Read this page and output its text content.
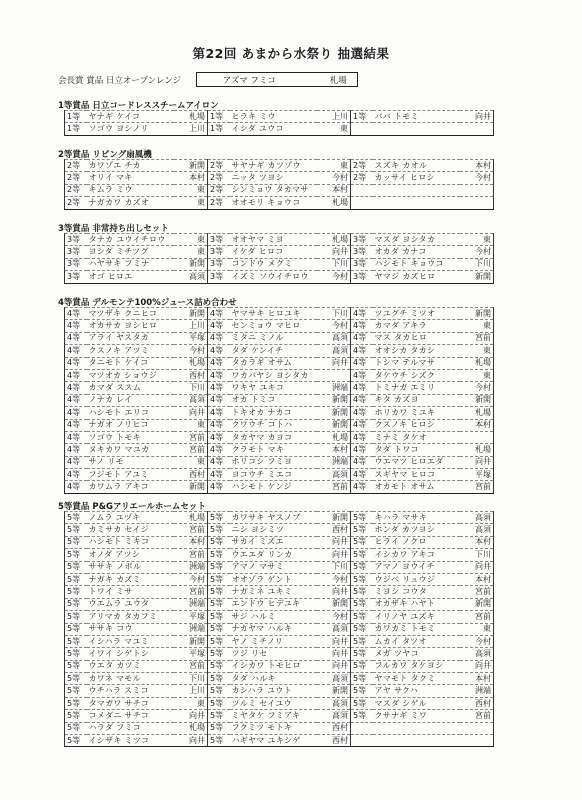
第22回 あまから水祭り 抽選結果
会長賞 賞品 日立オーブンレンジ	アズマ フミコ	札場
1等賞品 日立コードレススチームアイロン
1等	ヤナギ ケイコ	札場	1等	ヒラキ ミウ	上川	1等	ババ トモミ	向井
1等	ソゴウ ヨシノリ	上川	1等	イシダ ユウコ	東			
2等賞品 リビング扇風機
2等	カワゾエ チカ	新開	2等	サヤナギ カツゾウ	東	2等	スズキ カオル	本村
2等	オリイ マキ	本村	2等	ニッタ ツヨシ	今村	2等	カッサイ ヒロシ	今村
2等	キムラ ミウ	東	2等	シンミョウ タカマサ	本村			
2等	ナガカワ カズオ	東	2等	オオモリ キョウコ	札場			
3等賞品 非常持ち出しセット
3等	タナカ ユウイチロウ	東	3等	オオヤマ ミヨ	札場	3等	マスダ ヨシタカ	東
3等	ヨシダ ミチツグ	東	3等	イケダ ヒロコ	向井	3等	オカダ カナコ	今村
3等	ハヤサキ フミナ	新開	3等	コンドウ メグミ	下川	3等	ハシモト キョウコ	下川
3等	オゴ ヒロエ	高須	3等	イズミ ソウイチロウ	今村	3等	ヤマジ カズヒロ	新開
4等賞品 デルモンテ100%ジュース詰め合わせ
4等	マツザキ クニヒコ	新開	4等	ヤマサキ ヒロユキ	下川	4等	ツユグチ ミツオ	新開
4等	オカサカ ヨシヒロ	上川	4等	センミョウ マヒロ	今村	4等	カマダ アキラ	東
4等	アライ ヤスタカ	平塚	4等	ミタニ ミノル	高須	4等	マス タカヒロ	宮前
4等	クスノキ アツミ	今村	4等	タダ ケンイチ	高須	4等	オオシカ タカシ	東
4等	タニモト ケイコ	札場	4等	タカラギ オサム	向井	4等	トシマ テルマサ	札場
4等	マツオカ ショウジ	西村	4等	ワカバヤシ ヨシタカ		4等	タケウチ シズク	東
4等	カマダ ススム	下川	4等	ワキヤ ユキコ	洲端	4等	トミナガ エミリ	今村
4等	ノナカ レイ	高須	4等	オカ トミコ	新開	4等	キタ カズヨ	新開
4等	ハシモト エリコ	向井	4等	トキオカ ナカコ	新開	4等	ホリカワ ミユキ	札場
4等	ナガオ ノリヒコ	東	4等	クワウチ コトハ	新開	4等	クスノキ ヒロシ	本村
4等	ソゴウ トモキ	宮前	4等	タカヤマ カヨコ	札場	4等	ミナミ タケオ	
4等	ヌキカワ マユカ	宮前	4等	クラモト マキ	本村	4等	タダ トワコ	札場
4等	サノ リモ	東	4等	ホリコシ フミヨ	洲端	4等	ウエマツ ヒロエダ	向井
4等	フジモト アユミ	西村	4等	ヨコウチ ミエコ	高須	4等	スギヤマ ヒロコ	平塚
4等	カワムラ アキコ	新開	4等	ハシモト ケンジ	宮前	4等	オカモト オサム	宮前
5等賞品 P&Gアリエールホームセット
5等	ノムラ ユヅキ	札場	5等	カワサキ ヤスノブ	新開	5等	キハラ マサキ	高須
5等	カミサカ セイジ	宮前	5等	ニシ ヨシミツ	西村	5等	ホンダ カツヨシ	高須
5等	ハシモト ミキコ	本村	5等	サカイ ミズエ	向井	5等	ヒライ ノクロ	本村
5等	オノダ アツシ	宮前	5等	ウエエダ リンカ	向井	5等	イシカワ アキコ	下川
5等	ササキ ノボル	洲端	5等	アマノ マサミ	下川	5等	アマノ ヨウイチ	向井
5等	ナガキ カズミ	今村	5等	オオゾラ ゲント	今村	5等	ウジベ リュウジ	本村
5等	トワイ ミサ	宮前	5等	ナガミネ ユキミ	向井	5等	ミヨシ コウタ	宮前
5等	ウエムラ ユウタ	洲端	5等	エンドウ ヒデユキ	新開	5等	オカザキ ハヤト	新開
5等	アリマカ タカフミ	平塚	5等	サジ ハルミ	今村	5等	イリノヤ ユズキ	宮前
5等	ササキ コウ	洲端	5等	ナカヤマ ハルキ	高須	5等	カワカミ トモミ	東
5等	イシハラ マユミ	新開	5等	ヤノ ミチノリ	向井	5等	ムカイ タツオ	今村
5等	イワイ シゲトシ	平塚	5等	ツジ リセ	向井	5等	メガ ツヤコ	高須
5等	ウエタ カツミ	宮前	5等	イシカワ トモヒロ	向井	5等	フルカワ タケヨシ	向井
5等	カワネ マモル	下川	5等	タダ ハルキ	高須	5等	ヤマモト タクミ	本村
5等	ウチハラ スミコ	上川	5等	カシハラ ユウト	新開	5等	アヤ サクハ	洲端
5等	タマガワ サチコ	東	5等	ツルミ セイユウ	高須	5等	マスダ シゲル	西村
5等	コメダニ サチコ	向井	5等	ミヤタケ フミアキ	高須	5等	クサナギ ミワ	宮前
5等	ハラダ フミコ	札場	5等	フクミツ モトキ	西村			
5等	イシザキ ミツコ	向井	5等	ハギヤマ ユキシゲ	西村			
